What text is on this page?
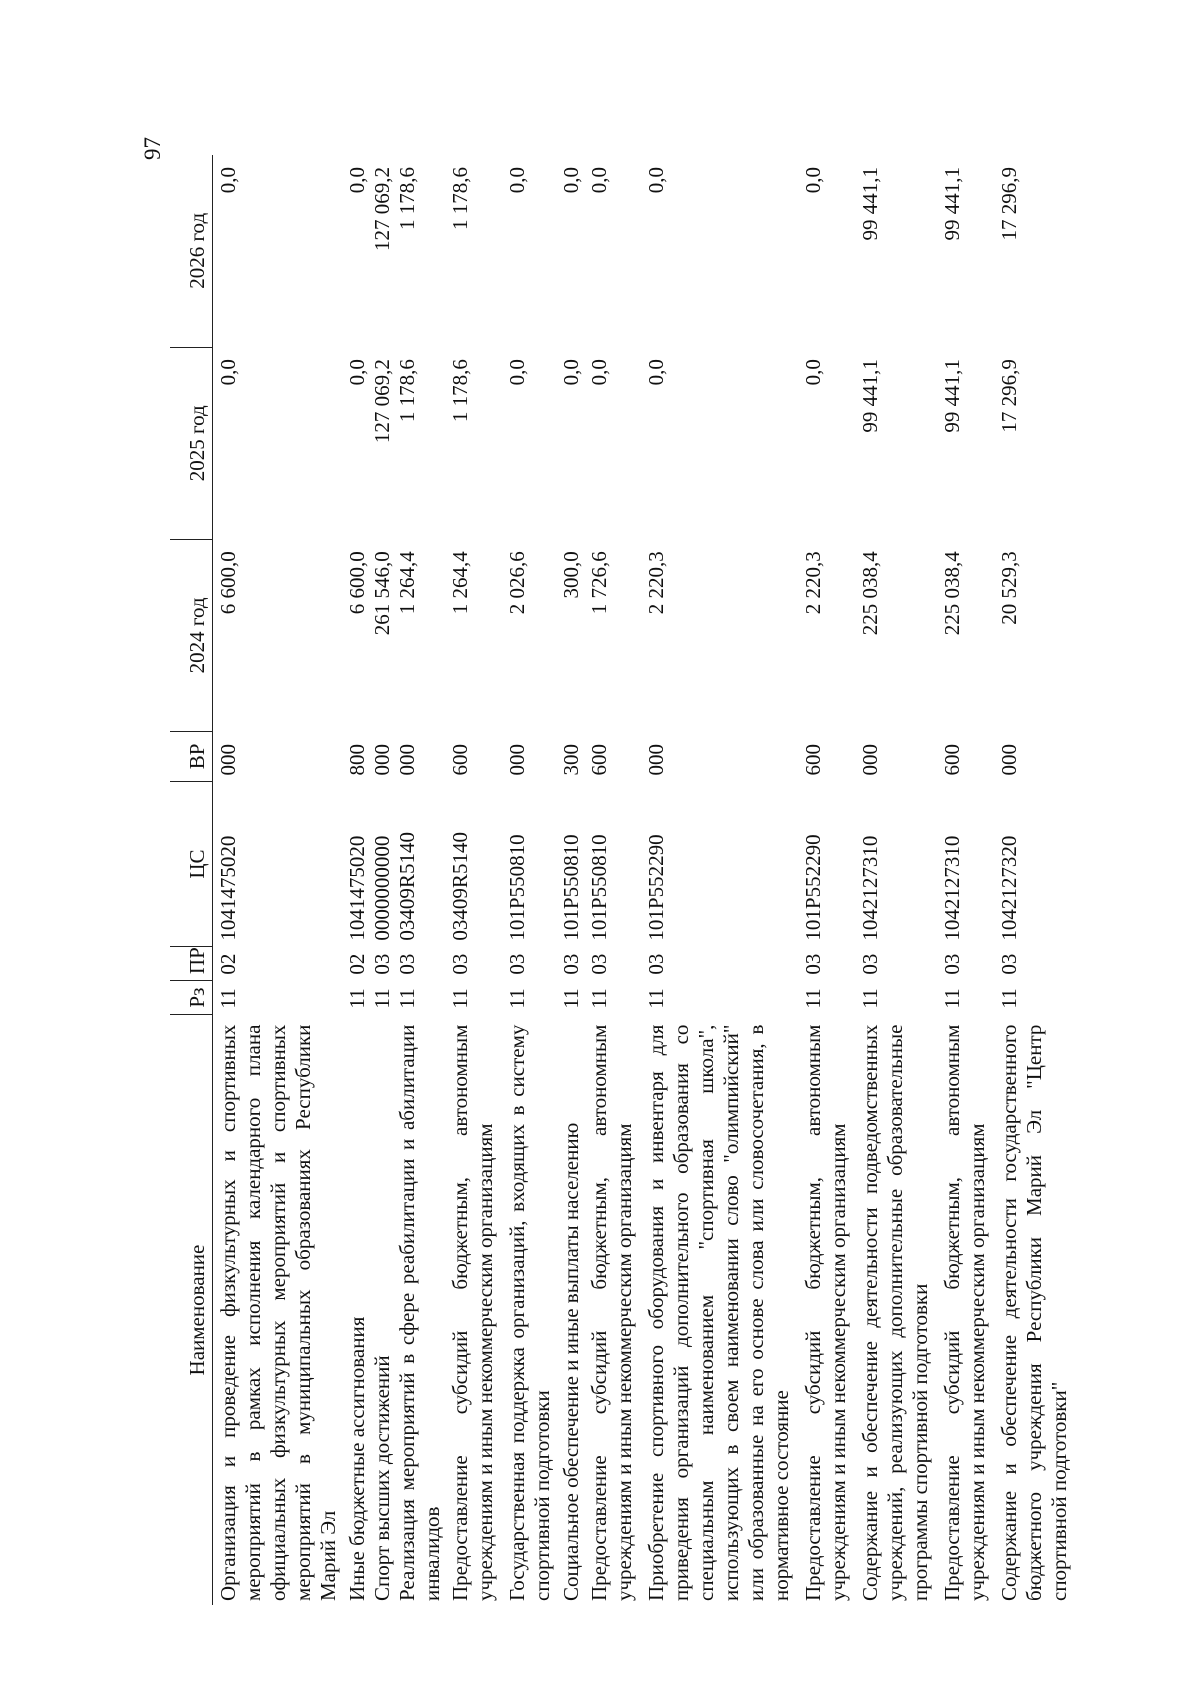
97
Наименование	Рз	ПР	ЦС	ВР	2024 год	2025 год	2026 год
Организация и проведение физкультурных и спортивных мероприятий в рамках исполнения календарного плана официальных физкультурных мероприятий и спортивных мероприятий в муниципальных образованиях Республики Марий Эл	11	02	1041475020	000	6 600,0	0,0	0,0
Иные бюджетные ассигнования	11	02	1041475020	800	6 600,0	0,0	0,0
Спорт высших достижений	11	03	0000000000	000	261 546,0	127 069,2	127 069,2
Реализация мероприятий в сфере реабилитации и абилитации инвалидов	11	03	03409R5140	000	1 264,4	1 178,6	1 178,6
Предоставление субсидий бюджетным, автономным учреждениям и иным некоммерческим организациям	11	03	03409R5140	600	1 264,4	1 178,6	1 178,6
Государственная поддержка организаций, входящих в систему спортивной подготовки	11	03	101P550810	000	2 026,6	0,0	0,0
Социальное обеспечение и иные выплаты населению	11	03	101P550810	300	300,0	0,0	0,0
Предоставление субсидий бюджетным, автономным учреждениям и иным некоммерческим организациям	11	03	101P550810	600	1 726,6	0,0	0,0
Приобретение спортивного оборудования и инвентаря для приведения организаций дополнительного образования со специальным наименованием "спортивная школа", использующих в своем наименовании слово "олимпийский" или образованные на его основе слова или словосочетания, в нормативное состояние	11	03	101P552290	000	2 220,3	0,0	0,0
Предоставление субсидий бюджетным, автономным учреждениям и иным некоммерческим организациям	11	03	101P552290	600	2 220,3	0,0	0,0
Содержание и обеспечение деятельности подведомственных учреждений, реализующих дополнительные образовательные программы спортивной подготовки	11	03	1042127310	000	225 038,4	99 441,1	99 441,1
Предоставление субсидий бюджетным, автономным учреждениям и иным некоммерческим организациям	11	03	1042127310	600	225 038,4	99 441,1	99 441,1
Содержание и обеспечение деятельности государственного бюджетного учреждения Республики Марий Эл "Центр спортивной подготовки"	11	03	1042127320	000	20 529,3	17 296,9	17 296,9
